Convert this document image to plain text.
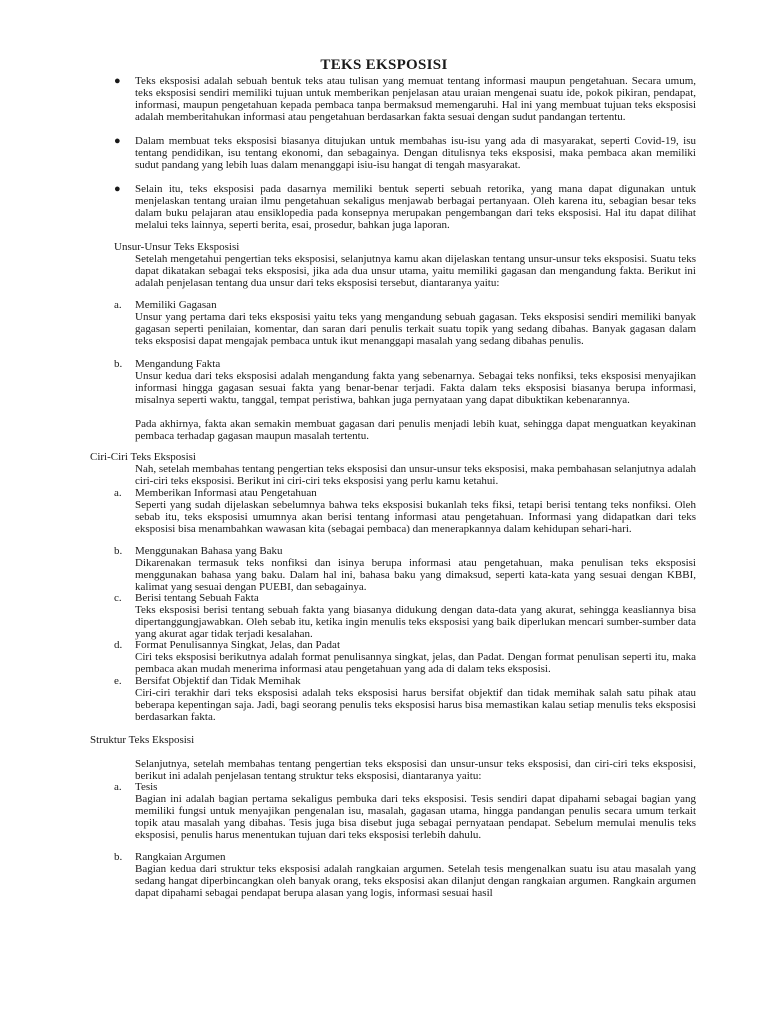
TEKS EKSPOSISI
● Teks eksposisi adalah sebuah bentuk teks atau tulisan yang memuat tentang informasi maupun pengetahuan. Secara umum, teks eksposisi sendiri memiliki tujuan untuk memberikan penjelasan atau uraian mengenai suatu ide, pokok pikiran, pendapat, informasi, maupun pengetahuan kepada pembaca tanpa bermaksud memengaruhi. Hal ini yang membuat tujuan teks eksposisi adalah memberitahukan informasi atau pengetahuan berdasarkan fakta sesuai dengan sudut pandangan tertentu.

● Dalam membuat teks eksposisi biasanya ditujukan untuk membahas isu-isu yang ada di masyarakat, seperti Covid-19, isu tentang pendidikan, isu tentang ekonomi, dan sebagainya. Dengan ditulisnya teks eksposisi, maka pembaca akan memiliki sudut pandang yang lebih luas dalam menanggapi isiu-isu hangat di tengah masyarakat.

● Selain itu, teks eksposisi pada dasarnya memiliki bentuk seperti sebuah retorika, yang mana dapat digunakan untuk menjelaskan tentang uraian ilmu pengetahuan sekaligus menjawab berbagai pertanyaan. Oleh karena itu, sebagian besar teks dalam buku pelajaran atau ensiklopedia pada konsepnya merupakan pengembangan dari teks eksposisi. Hal itu dapat dilihat melalui teks lainnya, seperti berita, esai, prosedur, bahkan juga laporan.

Unsur-Unsur Teks Eksposisi

Setelah mengetahui pengertian teks eksposisi, selanjutnya kamu akan dijelaskan tentang unsur-unsur teks eksposisi. Suatu teks dapat dikatakan sebagai teks eksposisi, jika ada dua unsur utama, yaitu memiliki gagasan dan mengandung fakta. Berikut ini adalah penjelasan tentang dua unsur dari teks eksposisi tersebut, diantaranya yaitu:

a. Memiliki Gagasan

Unsur yang pertama dari teks eksposisi yaitu teks yang mengandung sebuah gagasan. Teks eksposisi sendiri memiliki banyak gagasan seperti penilaian, komentar, dan saran dari penulis terkait suatu topik yang sedang dibahas. Banyak gagasan dalam teks eksposisi dapat mengajak pembaca untuk ikut menanggapi masalah yang sedang dibahas penulis.

b. Mengandung Fakta

Unsur kedua dari teks eksposisi adalah mengandung fakta yang sebenarnya. Sebagai teks nonfiksi, teks eksposisi menyajikan informasi hingga gagasan sesuai fakta yang benar-benar terjadi. Fakta dalam teks eksposisi biasanya berupa informasi, misalnya seperti waktu, tanggal, tempat peristiwa, bahkan juga pernyataan yang dapat dibuktikan kebenarannya.

Pada akhirnya, fakta akan semakin membuat gagasan dari penulis menjadi lebih kuat, sehingga dapat menguatkan keyakinan pembaca terhadap gagasan maupun masalah tertentu.

Ciri-Ciri Teks Eksposisi

Nah, setelah membahas tentang pengertian teks eksposisi dan unsur-unsur teks eksposisi, maka pembahasan selanjutnya adalah ciri-ciri teks eksposisi. Berikut ini ciri-ciri teks eksposisi yang perlu kamu ketahui.

a. Memberikan Informasi atau Pengetahuan

Seperti yang sudah dijelaskan sebelumnya bahwa teks eksposisi bukanlah teks fiksi, tetapi berisi tentang teks nonfiksi. Oleh sebab itu, teks eksposisi umumnya akan berisi tentang informasi atau pengetahuan. Informasi yang didapatkan dari teks eksposisi bisa menambahkan wawasan kita (sebagai pembaca) dan menerapkannya dalam kehidupan sehari-hari.

b. Menggunakan Bahasa yang Baku

Dikarenakan termasuk teks nonfiksi dan isinya berupa informasi atau pengetahuan, maka penulisan teks eksposisi menggunakan bahasa yang baku. Dalam hal ini, bahasa baku yang dimaksud, seperti kata-kata yang sesuai dengan KBBI, kalimat yang sesuai dengan PUEBI, dan sebagainya.

c. Berisi tentang Sebuah Fakta

Teks eksposisi berisi tentang sebuah fakta yang biasanya didukung dengan data-data yang akurat, sehingga keasliannya bisa dipertanggungjawabkan. Oleh sebab itu, ketika ingin menulis teks eksposisi yang baik diperlukan mencari sumber-sumber data yang akurat agar tidak terjadi kesalahan.

d. Format Penulisannya Singkat, Jelas, dan Padat

Ciri teks eksposisi berikutnya adalah format penulisannya singkat, jelas, dan Padat. Dengan format penulisan seperti itu, maka pembaca akan mudah menerima informasi atau pengetahuan yang ada di dalam teks eksposisi.

e. Bersifat Objektif dan Tidak Memihak

Ciri-ciri terakhir dari teks eksposisi adalah teks eksposisi harus bersifat objektif dan tidak memihak salah satu pihak atau beberapa kepentingan saja. Jadi, bagi seorang penulis teks eksposisi harus bisa memastikan kalau setiap menulis teks eksposisi berdasarkan fakta.

Struktur Teks Eksposisi

Selanjutnya, setelah membahas tentang pengertian teks eksposisi dan unsur-unsur teks eksposisi, dan ciri-ciri teks eksposisi, berikut ini adalah penjelasan tentang struktur teks eksposisi, diantaranya yaitu:

a. Tesis

Bagian ini adalah bagian pertama sekaligus pembuka dari teks eksposisi. Tesis sendiri dapat dipahami sebagai bagian yang memiliki fungsi untuk menyajikan pengenalan isu, masalah, gagasan utama, hingga pandangan penulis secara umum terkait topik atau masalah yang dibahas. Tesis juga bisa disebut juga sebagai pernyataan pendapat. Sebelum memulai menulis teks eksposisi, penulis harus menentukan tujuan dari teks eksposisi terlebih dahulu.

b. Rangkaian Argumen

Bagian kedua dari struktur teks eksposisi adalah rangkaian argumen. Setelah tesis mengenalkan suatu isu atau masalah yang sedang hangat diperbincangkan oleh banyak orang, teks eksposisi akan dilanjut dengan rangkaian argumen. Rangkain argumen dapat dipahami sebagai pendapat berupa alasan yang logis, informasi sesuai hasil
